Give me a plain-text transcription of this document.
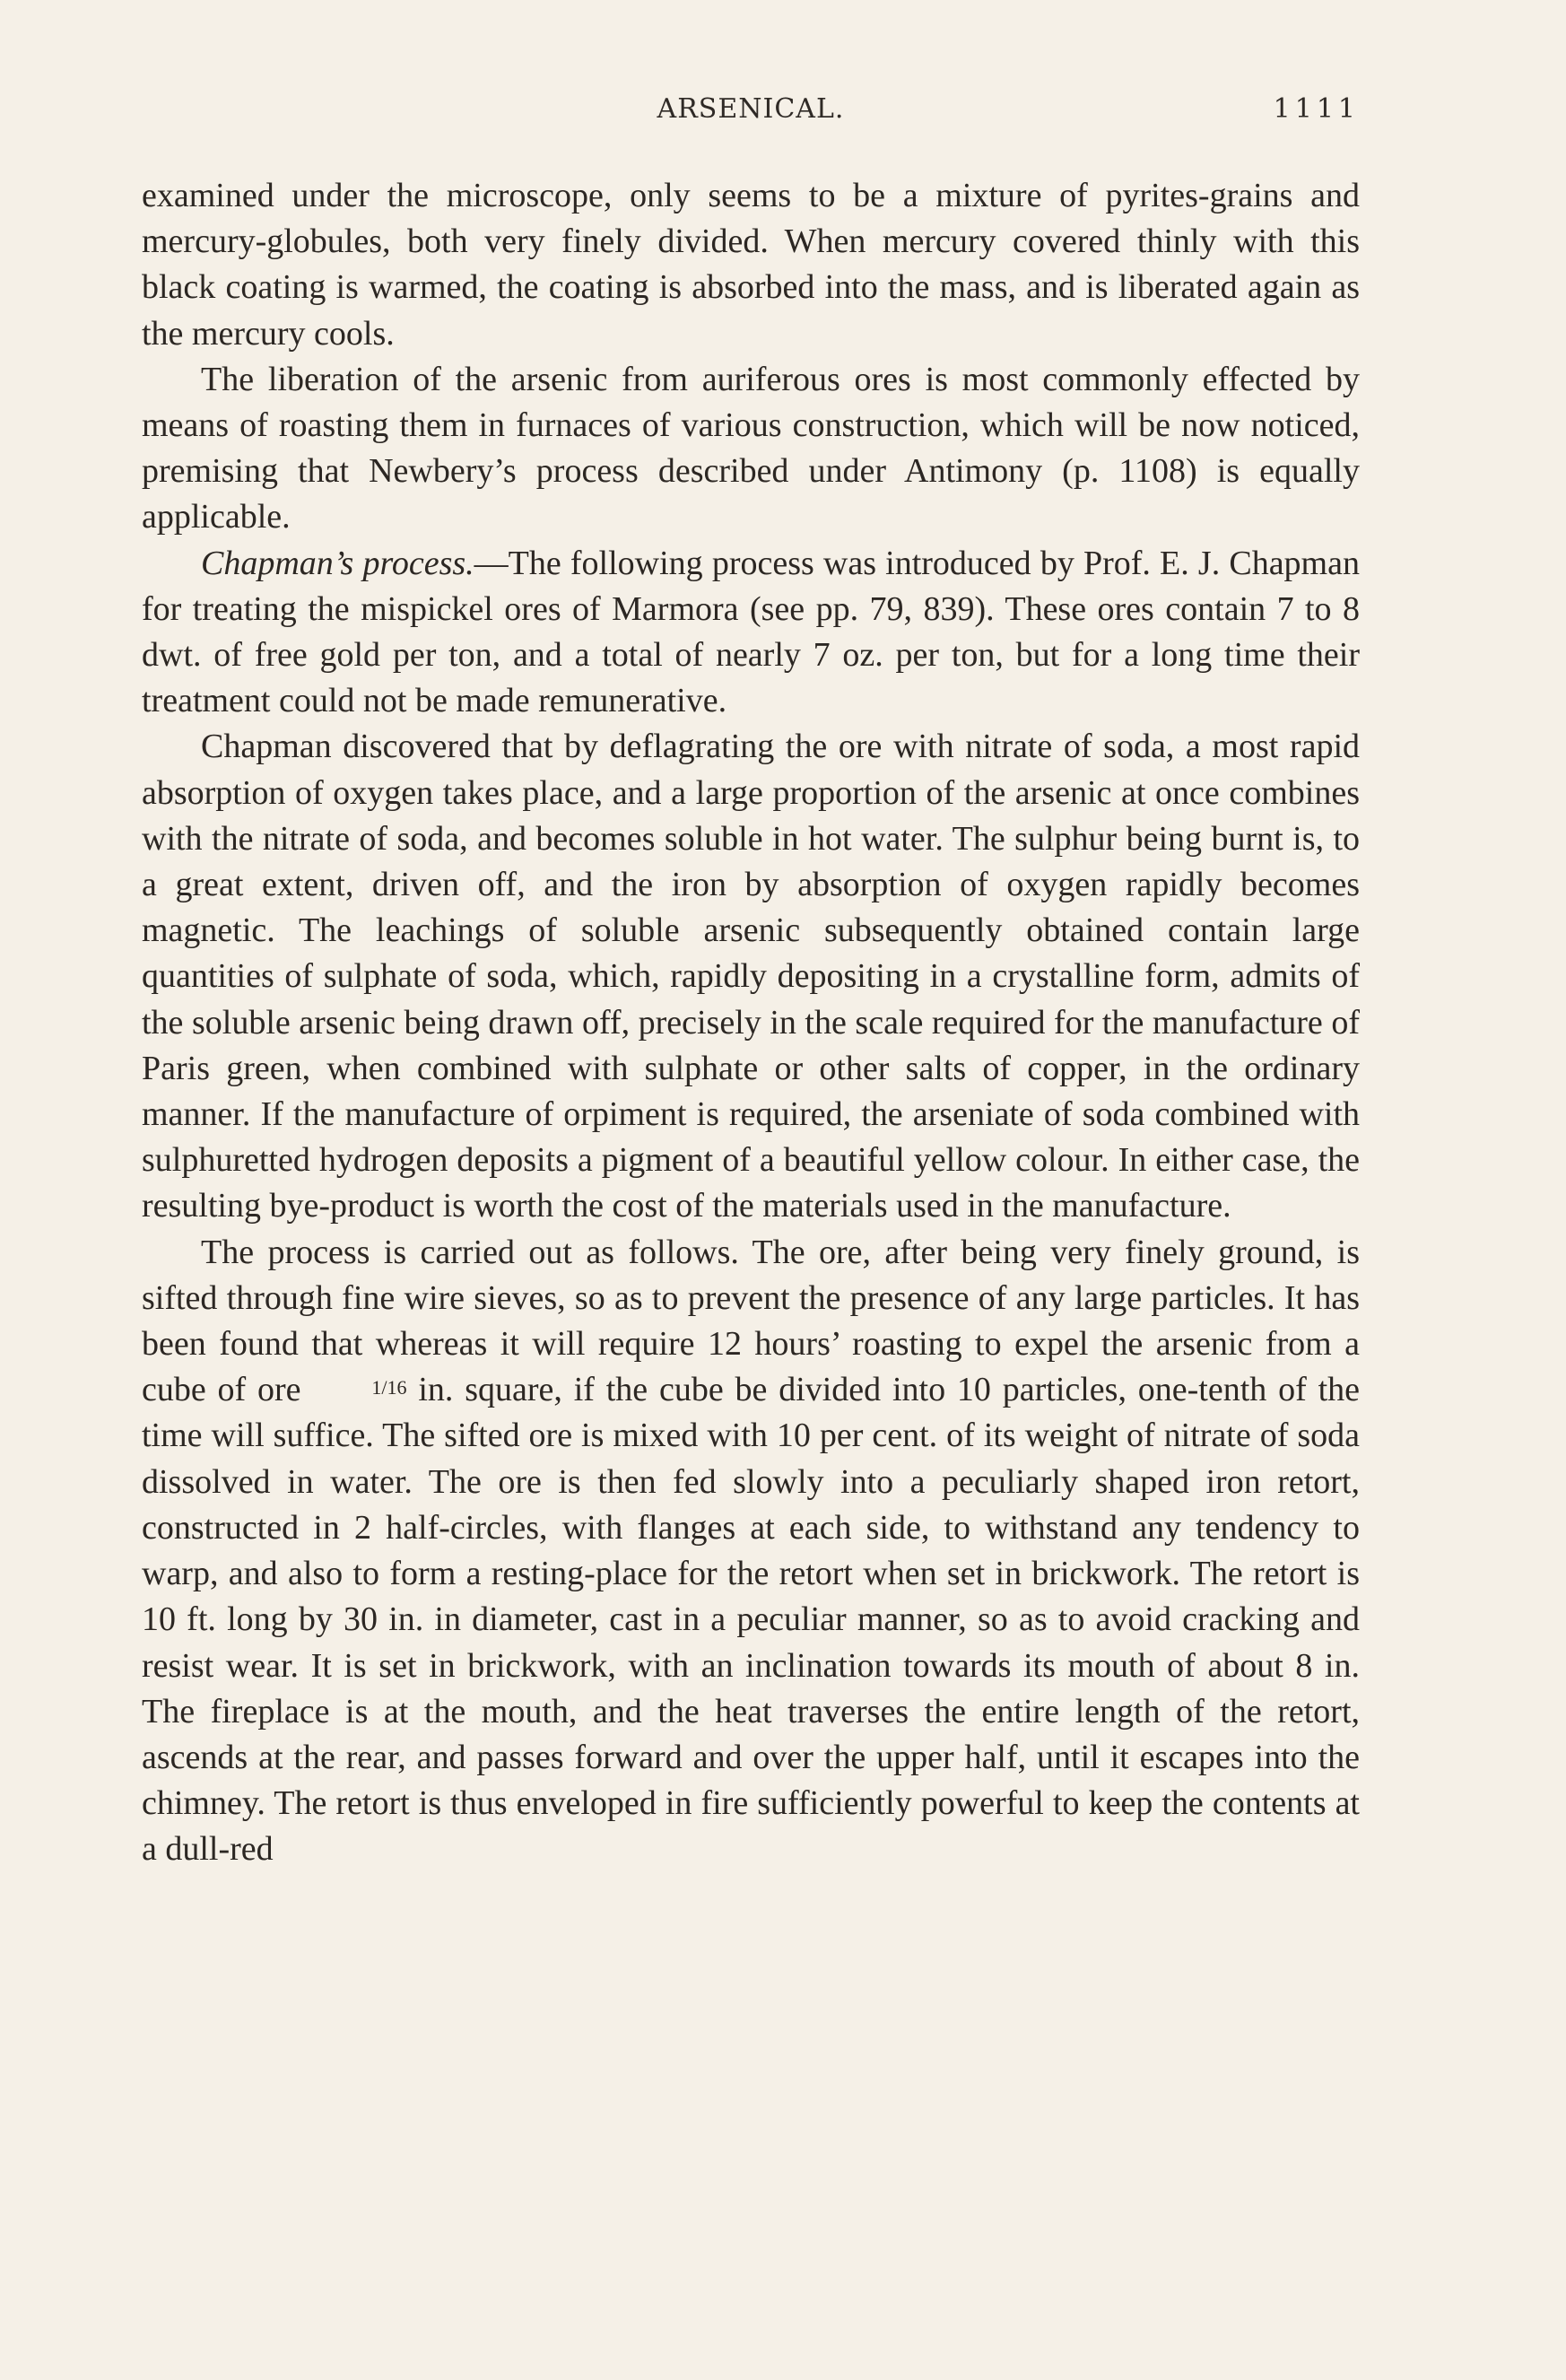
ARSENICAL.	1111

examined under the microscope, only seems to be a mixture of pyrites-grains and mercury-globules, both very finely divided. When mercury covered thinly with this black coating is warmed, the coating is absorbed into the mass, and is liberated again as the mercury cools.

The liberation of the arsenic from auriferous ores is most commonly effected by means of roasting them in furnaces of various construction, which will be now noticed, premising that Newbery’s process described under Antimony (p. 1108) is equally applicable.

Chapman’s process.—The following process was introduced by Prof. E. J. Chapman for treating the mispickel ores of Marmora (see pp. 79, 839). These ores contain 7 to 8 dwt. of free gold per ton, and a total of nearly 7 oz. per ton, but for a long time their treatment could not be made remunerative.

Chapman discovered that by deflagrating the ore with nitrate of soda, a most rapid absorption of oxygen takes place, and a large proportion of the arsenic at once combines with the nitrate of soda, and becomes soluble in hot water. The sulphur being burnt is, to a great extent, driven off, and the iron by absorption of oxygen rapidly becomes magnetic. The leachings of soluble arsenic subsequently obtained contain large quantities of sulphate of soda, which, rapidly depositing in a crystalline form, admits of the soluble arsenic being drawn off, precisely in the scale required for the manufacture of Paris green, when combined with sulphate or other salts of copper, in the ordinary manner. If the manufacture of orpiment is required, the arseniate of soda combined with sulphuretted hydrogen deposits a pigment of a beautiful yellow colour. In either case, the resulting bye-product is worth the cost of the materials used in the manufacture.

The process is carried out as follows. The ore, after being very finely ground, is sifted through fine wire sieves, so as to prevent the presence of any large particles. It has been found that whereas it will require 12 hours’ roasting to expel the arsenic from a cube of ore	1/16 in. square, if the cube be divided into 10 particles, one-tenth of the time will suffice. The sifted ore is mixed with 10 per cent. of its weight of nitrate of soda dissolved in water. The ore is then fed slowly into a peculiarly shaped iron retort, constructed in 2 half-circles, with flanges at each side, to withstand any tendency to warp, and also to form a resting-place for the retort when set in brickwork. The retort is 10 ft. long by 30 in. in diameter, cast in a peculiar manner, so as to avoid cracking and resist wear. It is set in brickwork, with an inclination towards its mouth of about 8 in. The fireplace is at the mouth, and the heat traverses the entire length of the retort, ascends at the rear, and passes forward and over the upper half, until it escapes into the chimney. The retort is thus enveloped in fire sufficiently powerful to keep the contents at a dull-red
